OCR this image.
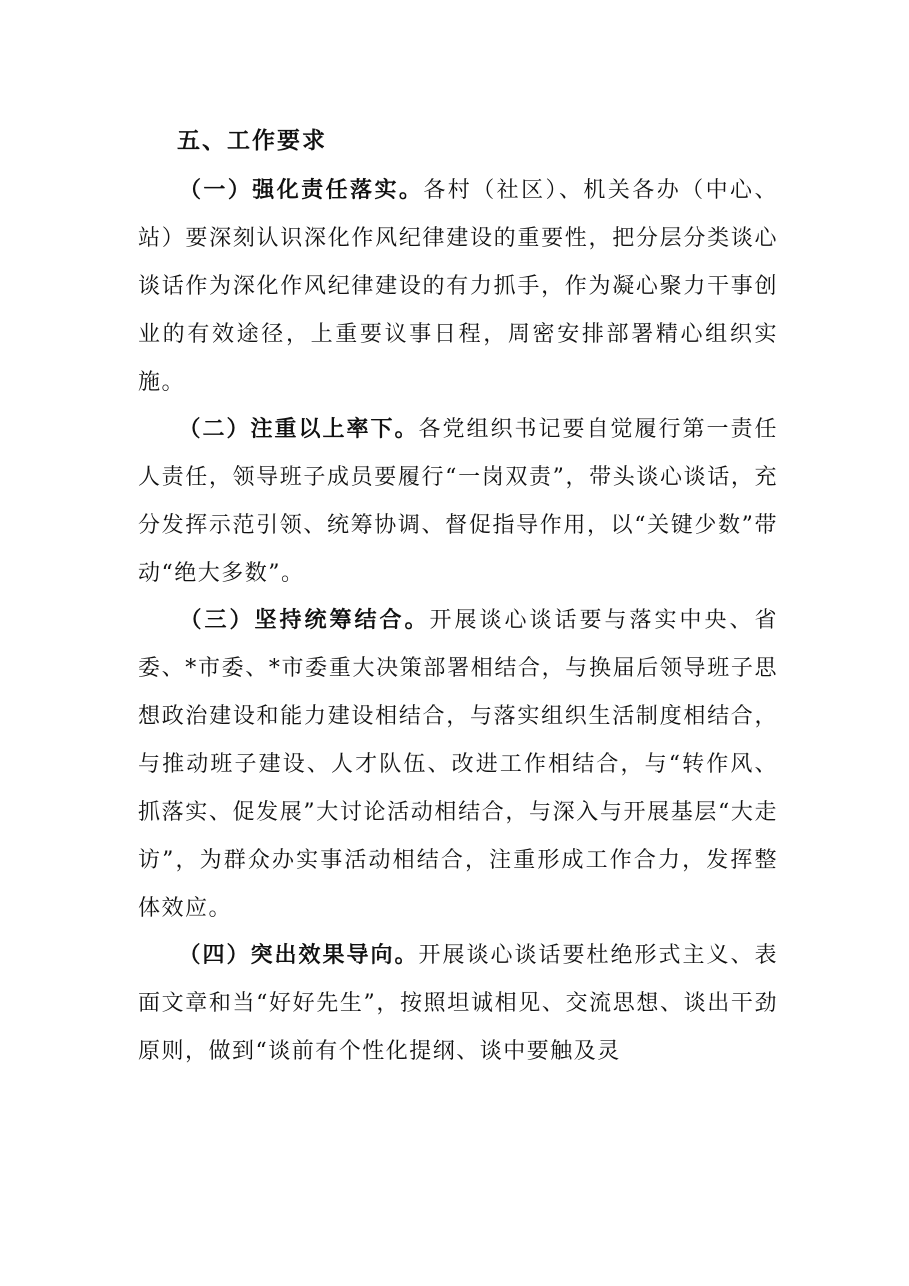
五、工作要求
（一）强化责任落实。各村（社区）、机关各办（中心、站）要深刻认识深化作风纪律建设的重要性，把分层分类谈心谈话作为深化作风纪律建设的有力抓手，作为凝心聚力干事创业的有效途径，上重要议事日程，周密安排部署精心组织实施。
（二）注重以上率下。各党组织书记要自觉履行第一责任人责任，领导班子成员要履行“一岗双责”，带头谈心谈话，充分发挥示范引领、统筹协调、督促指导作用，以“关键少数”带动“绝大多数”。
（三）坚持统筹结合。开展谈心谈话要与落实中央、省委、*市委、*市委重大决策部署相结合，与换届后领导班子思想政治建设和能力建设相结合，与落实组织生活制度相结合，与推动班子建设、人才队伍、改进工作相结合，与“转作风、抓落实、促发展”大讨论活动相结合，与深入与开展基层“大走访”，为群众办实事活动相结合，注重形成工作合力，发挥整体效应。
（四）突出效果导向。开展谈心谈话要杜绝形式主义、表面文章和当“好好先生”，按照坦诚相见、交流思想、谈出干劲原则，做到“谈前有个性化提纲、谈中要触及灵
